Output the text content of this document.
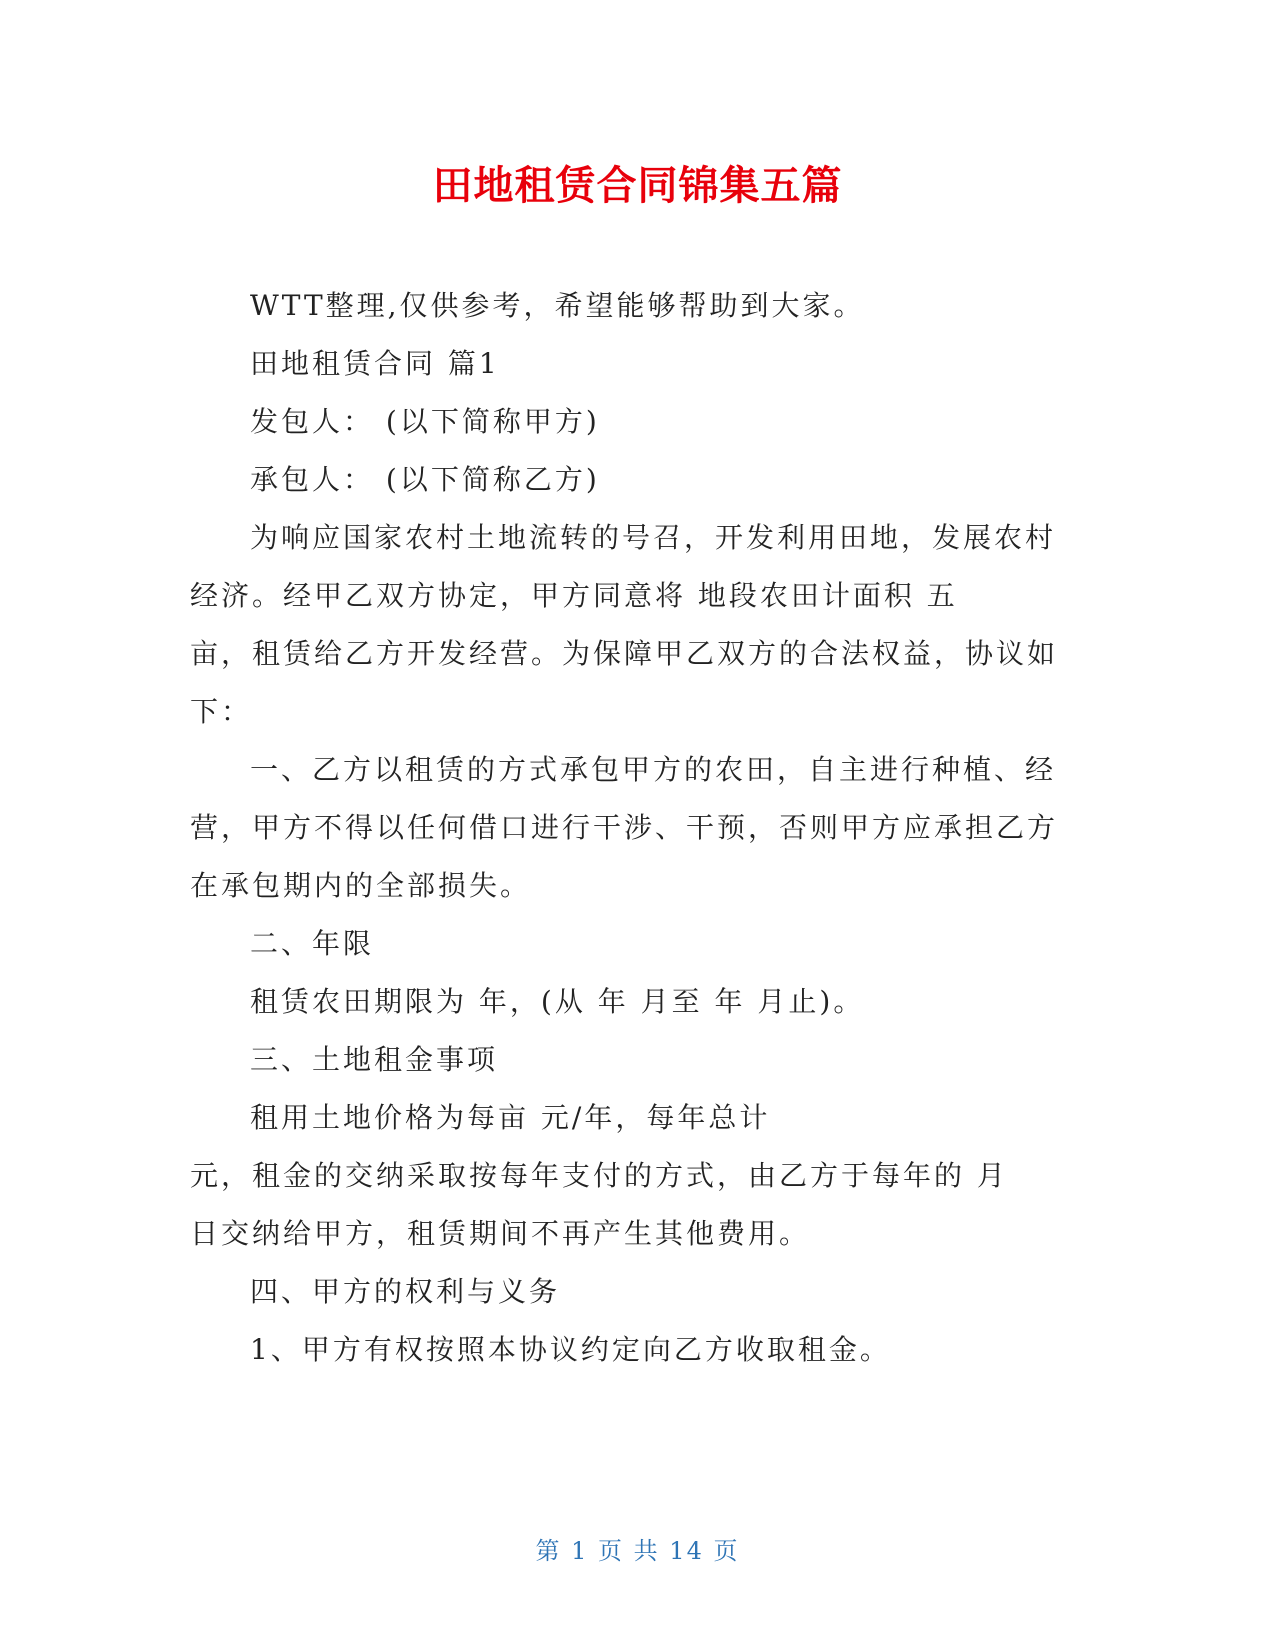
田地租赁合同锦集五篇
WTT整理,仅供参考，希望能够帮助到大家。
田地租赁合同 篇1
发包人： (以下简称甲方)
承包人： (以下简称乙方)
为响应国家农村土地流转的号召，开发利用田地，发展农村
经济。经甲乙双方协定，甲方同意将 地段农田计面积 五
亩，租赁给乙方开发经营。为保障甲乙双方的合法权益，协议如
下：
一、乙方以租赁的方式承包甲方的农田，自主进行种植、经
营，甲方不得以任何借口进行干涉、干预，否则甲方应承担乙方
在承包期内的全部损失。
二、年限
租赁农田期限为 年，(从 年 月至 年 月止)。
三、土地租金事项
租用土地价格为每亩 元/年，每年总计
元，租金的交纳采取按每年支付的方式，由乙方于每年的 月
日交纳给甲方，租赁期间不再产生其他费用。
四、甲方的权利与义务
1、甲方有权按照本协议约定向乙方收取租金。
第 1 页 共 14 页
